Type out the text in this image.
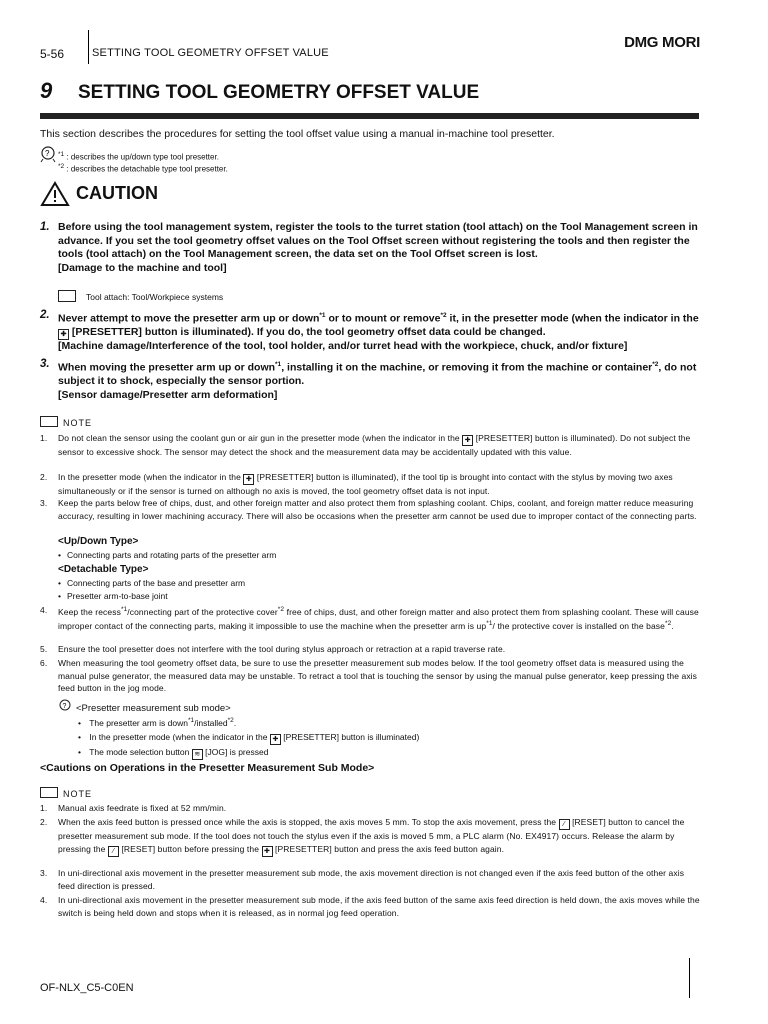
5-56	SETTING TOOL GEOMETRY OFFSET VALUE
DMG MORI
9 SETTING TOOL GEOMETRY OFFSET VALUE
This section describes the procedures for setting the tool offset value using a manual in-machine tool presetter.
? $^{*1}$ : describes the up/down type tool presetter.
$^{*2}$ : describes the detachable type tool presetter.
CAUTION
1. Before using the tool management system, register the tools to the turret station (tool attach) on the Tool Management screen in advance. If you set the tool geometry offset values on the Tool Offset screen without registering the tools and then register the tools (tool attach) on the Tool Management screen, the data set on the Tool Offset screen is lost.
[Damage to the machine and tool]
Tool attach: Tool/Workpiece systems
2. Never attempt to move the presetter arm up or down$^{*1}$ or to mount or remove$^{*2}$ it, in the presetter mode (when the indicator in the ✚ [PRESETTER] button is illuminated). If you do, the tool geometry offset data could be changed.
[Machine damage/Interference of the tool, tool holder, and/or turret head with the workpiece, chuck, and/or fixture]
3. When moving the presetter arm up or down$^{*1}$, installing it on the machine, or removing it from the machine or container$^{*2}$, do not subject it to shock, especially the sensor portion.
[Sensor damage/Presetter arm deformation]
NOTE
1. Do not clean the sensor using the coolant gun or air gun in the presetter mode (when the indicator in the ✚ [PRESETTER] button is illuminated). Do not subject the sensor to excessive shock. The sensor may detect the shock and the measurement data may be accidentally updated with this value.
2. In the presetter mode (when the indicator in the ✚ [PRESETTER] button is illuminated), if the tool tip is brought into contact with the stylus by moving two axes simultaneously or if the sensor is turned on although no axis is moved, the tool geometry offset data is not input.
3. Keep the parts below free of chips, dust, and other foreign matter and also protect them from splashing coolant. Chips, coolant, and foreign matter reduce measuring accuracy, resulting in lower machining accuracy. There will also be occasions when the presetter arm cannot be used due to improper contact of the connecting parts.
<Up/Down Type>
• Connecting parts and rotating parts of the presetter arm
<Detachable Type>
• Connecting parts of the base and presetter arm
• Presetter arm-to-base joint
4. Keep the recess$^{*1}$/connecting part of the protective cover$^{*2}$ free of chips, dust, and other foreign matter and also protect them from splashing coolant. These will cause improper contact of the connecting parts, making it impossible to use the machine when the presetter arm is $up^{*1}/$ the protective cover is installed on the base$^{*2}$.
5. Ensure the tool presetter does not interfere with the tool during stylus approach or retraction at a rapid traverse rate.
6. When measuring the tool geometry offset data, be sure to use the presetter measurement sub modes below. If the tool geometry offset data is measured using the manual pulse generator, the measured data may be unstable. To retract a tool that is touching the sensor by using the manual pulse generator, keep pressing the axis feed button in the jog mode.
? <Presetter measurement sub mode>
• The presetter arm is down$^{*1}$/installed$^{*2}$.
• In the presetter mode (when the indicator in the ✚ [PRESETTER] button is illuminated)
• The mode selection button ≋ [JOG] is pressed
<Cautions on Operations in the Presetter Measurement Sub Mode>
NOTE
1. Manual axis feedrate is fixed at 52 mm/min.
2. When the axis feed button is pressed once while the axis is stopped, the axis moves 5 mm. To stop the axis movement, press the ⁄ [RESET] button to cancel the presetter measurement sub mode. If the tool does not touch the stylus even if the axis is moved 5 mm, a PLC alarm (No. EX4917) occurs. Release the alarm by pressing the ⁄ [RESET] button before pressing the ✚ [PRESETTER] button and press the axis feed button again.
3. In uni-directional axis movement in the presetter measurement sub mode, the axis movement direction is not changed even if the axis feed button of the other axis feed direction is pressed.
4. In uni-directional axis movement in the presetter measurement sub mode, if the axis feed button of the same axis feed direction is held down, the axis moves while the switch is being held down and stops when it is released, as in normal jog feed operation.
OF-NLX_C5-C0EN
